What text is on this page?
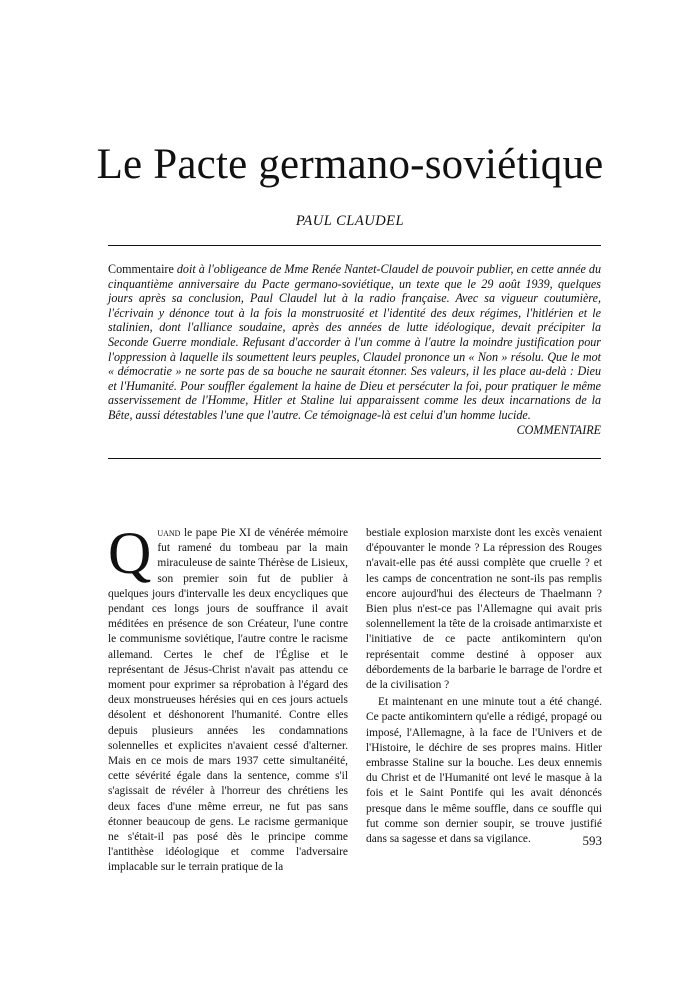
Le Pacte germano-soviétique
PAUL CLAUDEL
Commentaire doit à l'obligeance de Mme Renée Nantet-Claudel de pouvoir publier, en cette année du cinquantième anniversaire du Pacte germano-soviétique, un texte que le 29 août 1939, quelques jours après sa conclusion, Paul Claudel lut à la radio française. Avec sa vigueur coutumière, l'écrivain y dénonce tout à la fois la monstruosité et l'identité des deux régimes, l'hitlérien et le stalinien, dont l'alliance soudaine, après des années de lutte idéologique, devait précipiter la Seconde Guerre mondiale. Refusant d'accorder à l'un comme à l'autre la moindre justification pour l'oppression à laquelle ils soumettent leurs peuples, Claudel prononce un « Non » résolu. Que le mot « démocratie » ne sorte pas de sa bouche ne saurait étonner. Ses valeurs, il les place au-delà : Dieu et l'Humanité. Pour souffler également la haine de Dieu et persécuter la foi, pour pratiquer le même asservissement de l'Homme, Hitler et Staline lui apparaissent comme les deux incarnations de la Bête, aussi détestables l'une que l'autre. Ce témoignage-là est celui d'un homme lucide.
COMMENTAIRE

Quand le pape Pie XI de vénérée mémoire fut ramené du tombeau par la main miraculeuse de sainte Thérèse de Lisieux, son premier soin fut de publier à quelques jours d'intervalle les deux encycliques que pendant ces longs jours de souffrance il avait méditées en présence de son Créateur, l'une contre le communisme soviétique, l'autre contre le racisme allemand. Certes le chef de l'Église et le représentant de Jésus-Christ n'avait pas attendu ce moment pour exprimer sa réprobation à l'égard des deux monstrueuses hérésies qui en ces jours actuels désolent et déshonorent l'humanité. Contre elles depuis plusieurs années les condamnations solennelles et explicites n'avaient cessé d'alterner. Mais en ce mois de mars 1937 cette simultanéité, cette sévérité égale dans la sentence, comme s'il s'agissait de révéler à l'horreur des chrétiens les deux faces d'une même erreur, ne fut pas sans étonner beaucoup de gens. Le racisme germanique ne s'était-il pas posé dès le principe comme l'antithèse idéologique et comme l'adversaire implacable sur le terrain pratique de la

bestiale explosion marxiste dont les excès venaient d'épouvanter le monde ? La répression des Rouges n'avait-elle pas été aussi complète que cruelle ? et les camps de concentration ne sont-ils pas remplis encore aujourd'hui des électeurs de Thaelmann ? Bien plus n'est-ce pas l'Allemagne qui avait pris solennellement la tête de la croisade antimarxiste et l'initiative de ce pacte antikomintern qu'on représentait comme destiné à opposer aux débordements de la barbarie le barrage de l'ordre et de la civilisation ?

Et maintenant en une minute tout a été changé. Ce pacte antikomintern qu'elle a rédigé, propagé ou imposé, l'Allemagne, à la face de l'Univers et de l'Histoire, le déchire de ses propres mains. Hitler embrasse Staline sur la bouche. Les deux ennemis du Christ et de l'Humanité ont levé le masque à la fois et le Saint Pontife qui les avait dénoncés presque dans le même souffle, dans ce souffle qui fut comme son dernier soupir, se trouve justifié dans sa sagesse et dans sa vigilance.	593
